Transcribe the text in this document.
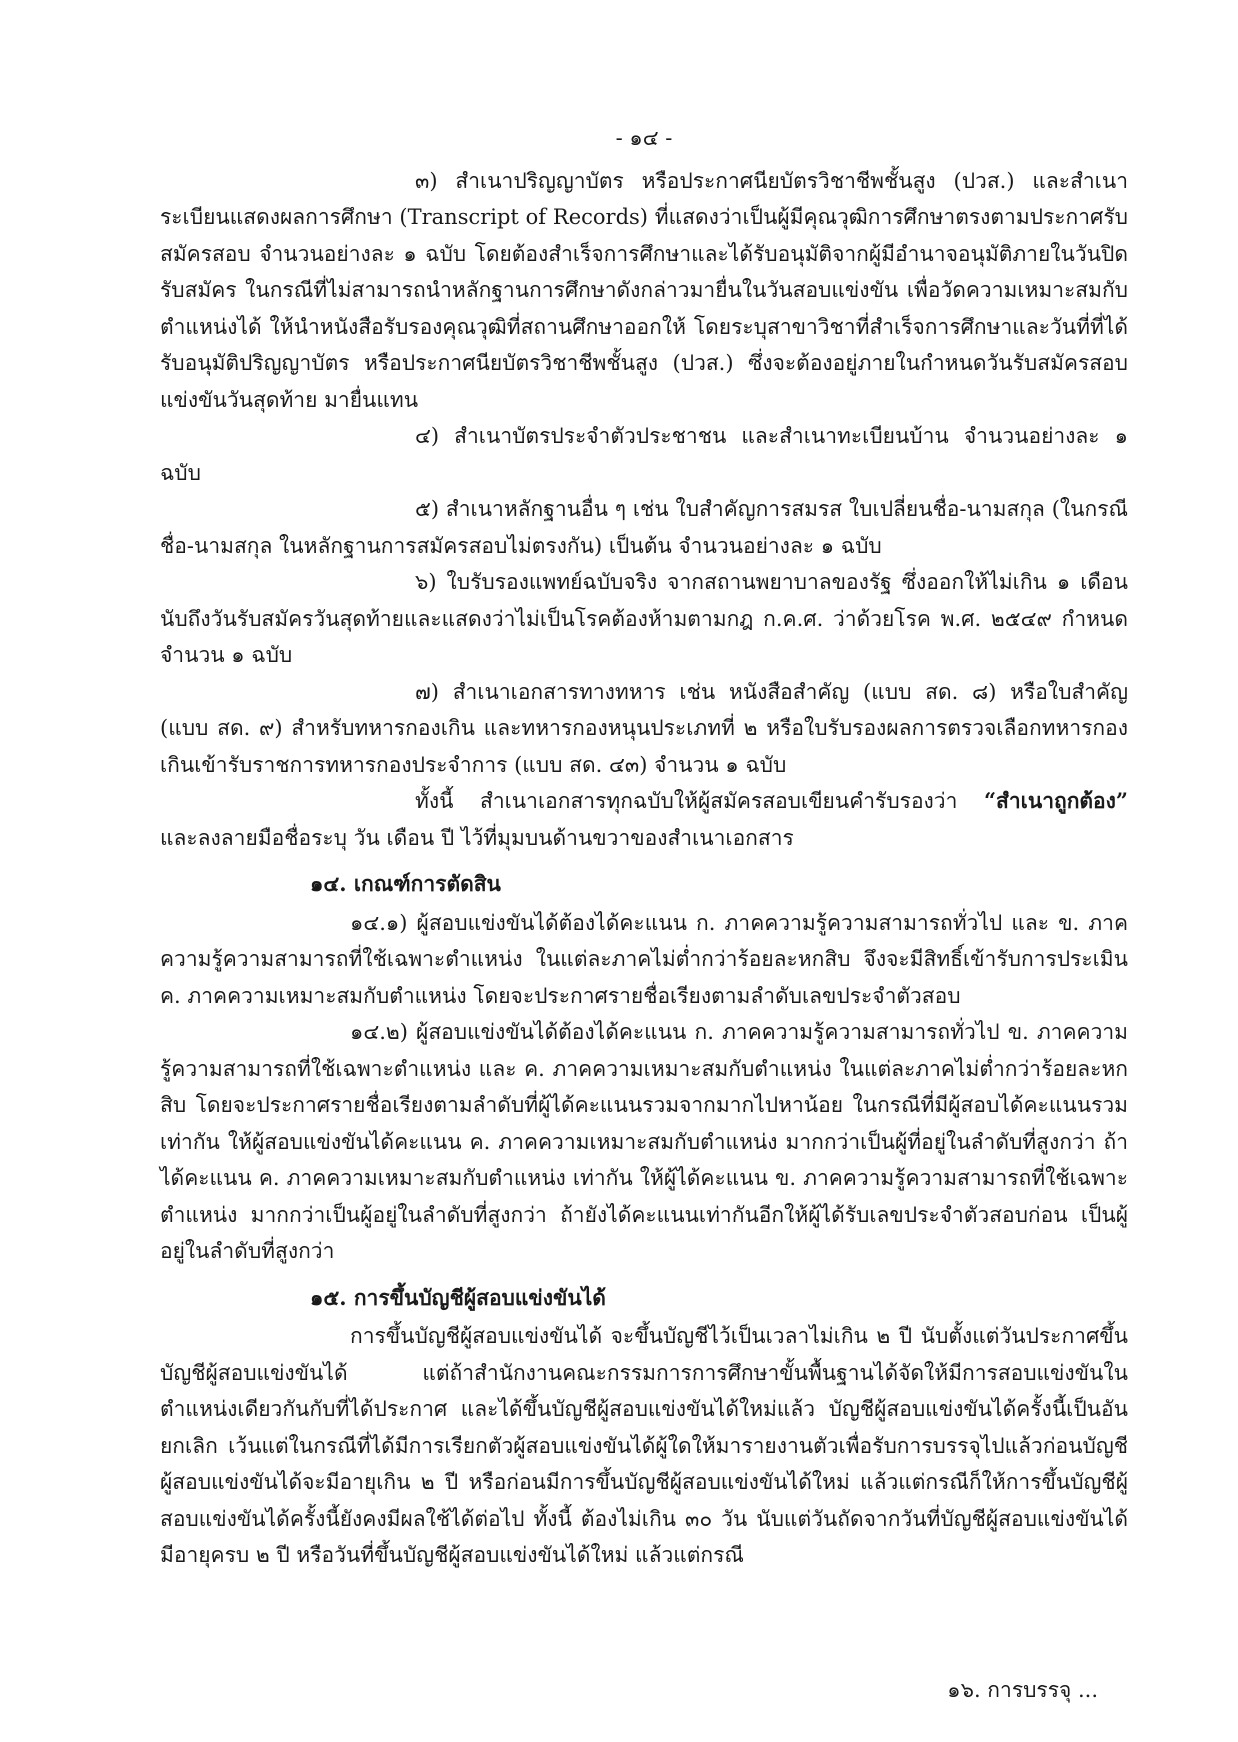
- ๑๔ -

๓) สำเนาปริญญาบัตร หรือประกาศนียบัตรวิชาชีพชั้นสูง (ปวส.) และสำเนาระเบียนแสดงผลการศึกษา (Transcript of Records) ที่แสดงว่าเป็นผู้มีคุณวุฒิการศึกษาตรงตามประกาศรับสมัครสอบ จำนวนอย่างละ ๑ ฉบับ โดยต้องสำเร็จการศึกษาและได้รับอนุมัติจากผู้มีอำนาจอนุมัติภายในวันปิดรับสมัคร ในกรณีที่ไม่สามารถนำหลักฐานการศึกษาดังกล่าวมายื่นในวันสอบแข่งขัน เพื่อวัดความเหมาะสมกับตำแหน่งได้ ให้นำหนังสือรับรองคุณวุฒิที่สถานศึกษาออกให้ โดยระบุสาขาวิชาที่สำเร็จการศึกษาและวันที่ที่ได้รับอนุมัติปริญญาบัตร หรือประกาศนียบัตรวิชาชีพชั้นสูง (ปวส.) ซึ่งจะต้องอยู่ภายในกำหนดวันรับสมัครสอบแข่งขันวันสุดท้าย มายื่นแทน

๔) สำเนาบัตรประจำตัวประชาชน และสำเนาทะเบียนบ้าน จำนวนอย่างละ ๑ ฉบับ

๕) สำเนาหลักฐานอื่น ๆ เช่น ใบสำคัญการสมรส ใบเปลี่ยนชื่อ-นามสกุล (ในกรณี ชื่อ-นามสกุล ในหลักฐานการสมัครสอบไม่ตรงกัน) เป็นต้น จำนวนอย่างละ ๑ ฉบับ

๖) ใบรับรองแพทย์ฉบับจริง จากสถานพยาบาลของรัฐ ซึ่งออกให้ไม่เกิน ๑ เดือน นับถึงวันรับสมัครวันสุดท้ายและแสดงว่าไม่เป็นโรคต้องห้ามตามกฎ ก.ค.ศ. ว่าด้วยโรค พ.ศ. ๒๕๔๙ กำหนด จำนวน ๑ ฉบับ

๗) สำเนาเอกสารทางทหาร เช่น หนังสือสำคัญ (แบบ สด. ๘) หรือใบสำคัญ (แบบ สด. ๙) สำหรับทหารกองเกิน และทหารกองหนุนประเภทที่ ๒ หรือใบรับรองผลการตรวจเลือกทหารกองเกินเข้ารับราชการทหารกองประจำการ (แบบ สด. ๔๓) จำนวน ๑ ฉบับ

ทั้งนี้ สำเนาเอกสารทุกฉบับให้ผู้สมัครสอบเขียนคำรับรองว่า “สำเนาถูกต้อง” และลงลายมือชื่อระบุ วัน เดือน ปี ไว้ที่มุมบนด้านขวาของสำเนาเอกสาร

๑๔. เกณฑ์การตัดสิน

๑๔.๑) ผู้สอบแข่งขันได้ต้องได้คะแนน ก. ภาคความรู้ความสามารถทั่วไป และ ข. ภาคความรู้ความสามารถที่ใช้เฉพาะตำแหน่ง ในแต่ละภาคไม่ต่ำกว่าร้อยละหกสิบ จึงจะมีสิทธิ์เข้ารับการประเมิน ค. ภาคความเหมาะสมกับตำแหน่ง โดยจะประกาศรายชื่อเรียงตามลำดับเลขประจำตัวสอบ

๑๔.๒) ผู้สอบแข่งขันได้ต้องได้คะแนน ก. ภาคความรู้ความสามารถทั่วไป ข. ภาคความรู้ความสามารถที่ใช้เฉพาะตำแหน่ง และ ค. ภาคความเหมาะสมกับตำแหน่ง ในแต่ละภาคไม่ต่ำกว่าร้อยละหกสิบ โดยจะประกาศรายชื่อเรียงตามลำดับที่ผู้ได้คะแนนรวมจากมากไปหาน้อย ในกรณีที่มีผู้สอบได้คะแนนรวมเท่ากัน ให้ผู้สอบแข่งขันได้คะแนน ค. ภาคความเหมาะสมกับตำแหน่ง มากกว่าเป็นผู้ที่อยู่ในลำดับที่สูงกว่า ถ้าได้คะแนน ค. ภาคความเหมาะสมกับตำแหน่ง เท่ากัน ให้ผู้ได้คะแนน ข. ภาคความรู้ความสามารถที่ใช้เฉพาะตำแหน่ง มากกว่าเป็นผู้อยู่ในลำดับที่สูงกว่า ถ้ายังได้คะแนนเท่ากันอีกให้ผู้ได้รับเลขประจำตัวสอบก่อน เป็นผู้อยู่ในลำดับที่สูงกว่า

๑๕. การขึ้นบัญชีผู้สอบแข่งขันได้

การขึ้นบัญชีผู้สอบแข่งขันได้ จะขึ้นบัญชีไว้เป็นเวลาไม่เกิน ๒ ปี นับตั้งแต่วันประกาศขึ้นบัญชีผู้สอบแข่งขันได้ แต่ถ้าสำนักงานคณะกรรมการการศึกษาขั้นพื้นฐานได้จัดให้มีการสอบแข่งขันในตำแหน่งเดียวกันกับที่ได้ประกาศ และได้ขึ้นบัญชีผู้สอบแข่งขันได้ใหม่แล้ว บัญชีผู้สอบแข่งขันได้ครั้งนี้เป็นอันยกเลิก เว้นแต่ในกรณีที่ได้มีการเรียกตัวผู้สอบแข่งขันได้ผู้ใดให้มารายงานตัวเพื่อรับการบรรจุไปแล้วก่อนบัญชีผู้สอบแข่งขันได้จะมีอายุเกิน ๒ ปี หรือก่อนมีการขึ้นบัญชีผู้สอบแข่งขันได้ใหม่ แล้วแต่กรณีก็ให้การขึ้นบัญชีผู้สอบแข่งขันได้ครั้งนี้ยังคงมีผลใช้ได้ต่อไป ทั้งนี้ ต้องไม่เกิน ๓๐ วัน นับแต่วันถัดจากวันที่บัญชีผู้สอบแข่งขันได้มีอายุครบ ๒ ปี หรือวันที่ขึ้นบัญชีผู้สอบแข่งขันได้ใหม่ แล้วแต่กรณี

๑๖. การบรรจุ ...
